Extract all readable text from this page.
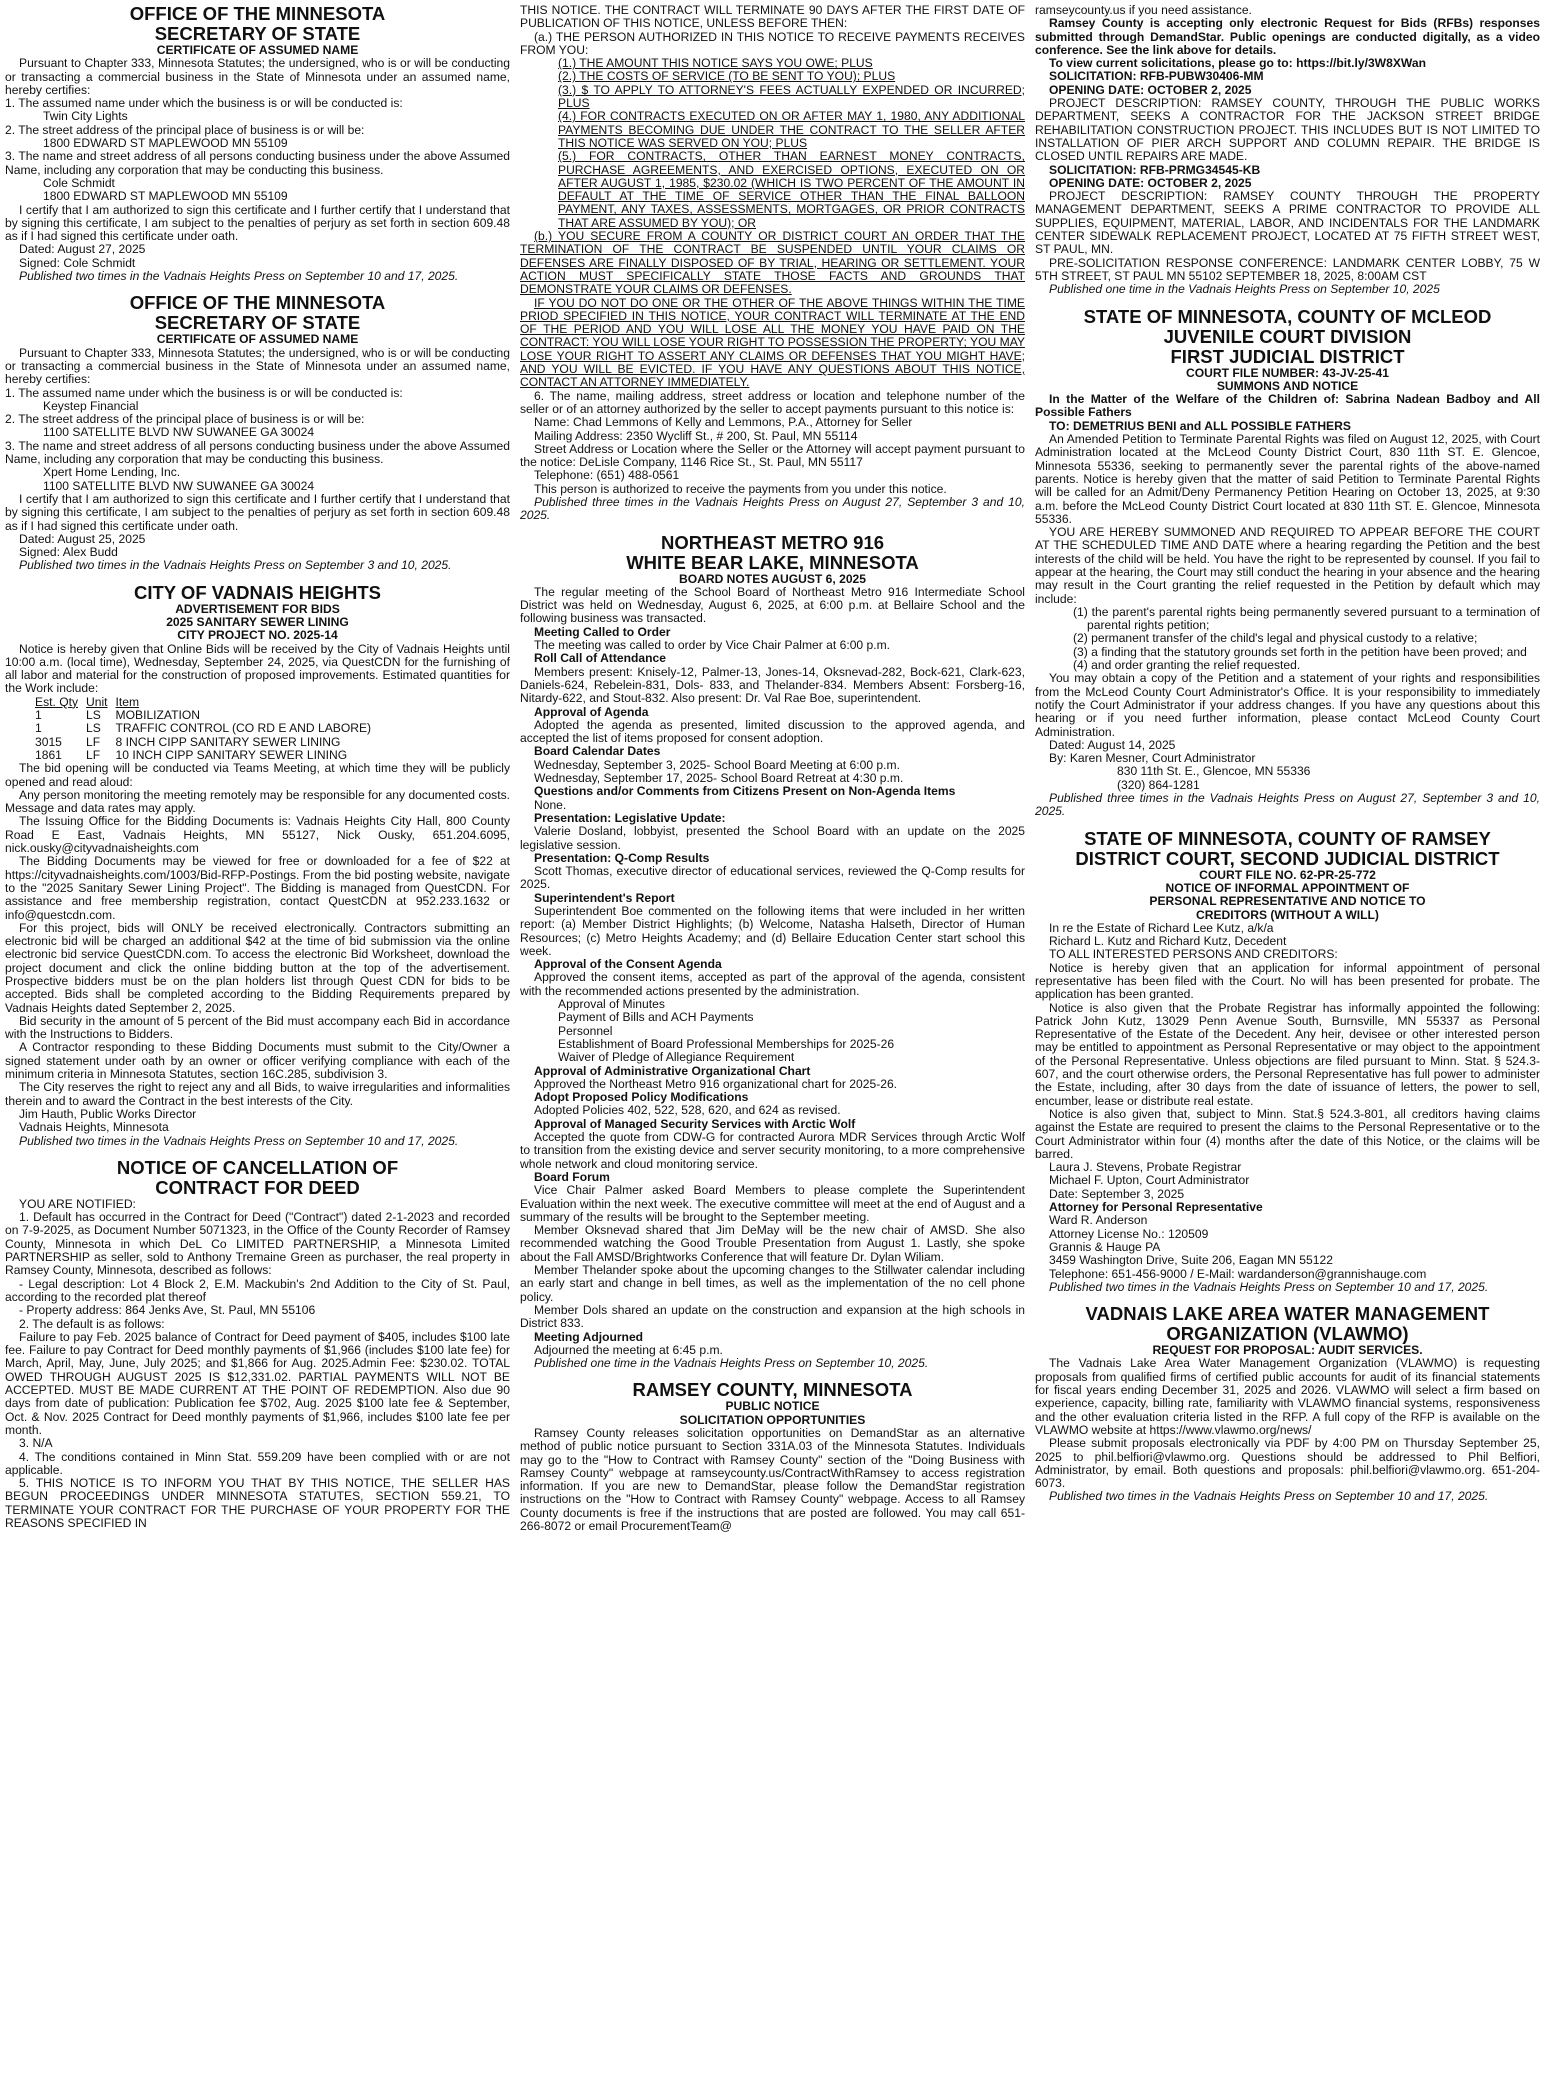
OFFICE OF THE MINNESOTA
SECRETARY OF STATE
CERTIFICATE OF ASSUMED NAME

Pursuant to Chapter 333, Minnesota Statutes; the undersigned, who is or will be conducting or transacting a commercial business in the State of Minnesota under an assumed name, hereby certifies:

1. The assumed name under which the business is or will be conducted is:

Twin City Lights

2. The street address of the principal place of business is or will be:

1800 EDWARD ST MAPLEWOOD MN 55109

3. The name and street address of all persons conducting business under the above Assumed Name, including any corporation that may be conducting this business.

Cole Schmidt

1800 EDWARD ST MAPLEWOOD MN 55109

I certify that I am authorized to sign this certificate and I further certify that I understand that by signing this certificate, I am subject to the penalties of perjury as set forth in section 609.48 as if I had signed this certificate under oath.

Dated: August 27, 2025

Signed: Cole Schmidt

Published two times in the Vadnais Heights Press on September 10 and 17, 2025.

OFFICE OF THE MINNESOTA
SECRETARY OF STATE
CERTIFICATE OF ASSUMED NAME

Pursuant to Chapter 333, Minnesota Statutes; the undersigned, who is or will be conducting or transacting a commercial business in the State of Minnesota under an assumed name, hereby certifies:

1. The assumed name under which the business is or will be conducted is:

Keystep Financial

2. The street address of the principal place of business is or will be:

1100 SATELLITE BLVD NW SUWANEE GA 30024

3. The name and street address of all persons conducting business under the above Assumed Name, including any corporation that may be conducting this business.

Xpert Home Lending, Inc.

1100 SATELLITE BLVD NW SUWANEE GA 30024

I certify that I am authorized to sign this certificate and I further certify that I understand that by signing this certificate, I am subject to the penalties of perjury as set forth in section 609.48 as if I had signed this certificate under oath.

Dated: August 25, 2025

Signed: Alex Budd

Published two times in the Vadnais Heights Press on September 3 and 10, 2025.

CITY OF VADNAIS HEIGHTS
ADVERTISEMENT FOR BIDS
2025 SANITARY SEWER LINING
CITY PROJECT NO. 2025-14

Notice is hereby given that Online Bids will be received by the City of Vadnais Heights until 10:00 a.m. (local time), Wednesday, September 24, 2025, via QuestCDN for the furnishing of all labor and material for the construction of proposed improvements. Estimated quantities for the Work include:

Est. Qty	Unit	Item
1	LS	MOBILIZATION
1	LS	TRAFFIC CONTROL (CO RD E AND LABORE)
3015	LF	8 INCH CIPP SANITARY SEWER LINING
1861	LF	10 INCH CIPP SANITARY SEWER LINING

The bid opening will be conducted via Teams Meeting, at which time they will be publicly opened and read aloud:

Any person monitoring the meeting remotely may be responsible for any documented costs. Message and data rates may apply.

The Issuing Office for the Bidding Documents is: Vadnais Heights City Hall, 800 County Road E East, Vadnais Heights, MN 55127, Nick Ousky, 651.204.6095, nick.ousky@cityvadnaisheights.com

The Bidding Documents may be viewed for free or downloaded for a fee of $22 at https://cityvadnaisheights.com/1003/Bid-RFP-Postings. From the bid posting website, navigate to the "2025 Sanitary Sewer Lining Project". The Bidding is managed from QuestCDN. For assistance and free membership registration, contact QuestCDN at 952.233.1632 or info@questcdn.com.

For this project, bids will ONLY be received electronically. Contractors submitting an electronic bid will be charged an additional $42 at the time of bid submission via the online electronic bid service QuestCDN.com. To access the electronic Bid Worksheet, download the project document and click the online bidding button at the top of the advertisement. Prospective bidders must be on the plan holders list through Quest CDN for bids to be accepted. Bids shall be completed according to the Bidding Requirements prepared by Vadnais Heights dated September 2, 2025.

Bid security in the amount of 5 percent of the Bid must accompany each Bid in accordance with the Instructions to Bidders.

A Contractor responding to these Bidding Documents must submit to the City/Owner a signed statement under oath by an owner or officer verifying compliance with each of the minimum criteria in Minnesota Statutes, section 16C.285, subdivision 3.

The City reserves the right to reject any and all Bids, to waive irregularities and informalities therein and to award the Contract in the best interests of the City.

Jim Hauth, Public Works Director

Vadnais Heights, Minnesota

Published two times in the Vadnais Heights Press on September 10 and 17, 2025.

NOTICE OF CANCELLATION OF
CONTRACT FOR DEED

YOU ARE NOTIFIED:

1. Default has occurred in the Contract for Deed ("Contract") dated 2-1-2023 and recorded on 7-9-2025, as Document Number 5071323, in the Office of the County Recorder of Ramsey County, Minnesota in which DeL Co LIMITED PARTNERSHIP, a Minnesota Limited PARTNERSHIP as seller, sold to Anthony Tremaine Green as purchaser, the real property in Ramsey County, Minnesota, described as follows:

- Legal description: Lot 4 Block 2, E.M. Mackubin's 2nd Addition to the City of St. Paul, according to the recorded plat thereof

- Property address: 864 Jenks Ave, St. Paul, MN 55106

2. The default is as follows:

Failure to pay Feb. 2025 balance of Contract for Deed payment of $405, includes $100 late fee. Failure to pay Contract for Deed monthly payments of $1,966 (includes $100 late fee) for March, April, May, June, July 2025; and $1,866 for Aug. 2025.Admin Fee: $230.02. TOTAL OWED THROUGH AUGUST 2025 IS $12,331.02. PARTIAL PAYMENTS WILL NOT BE ACCEPTED. MUST BE MADE CURRENT AT THE POINT OF REDEMPTION. Also due 90 days from date of publication: Publication fee $702, Aug. 2025 $100 late fee & September, Oct. & Nov. 2025 Contract for Deed monthly payments of $1,966, includes $100 late fee per month.

3. N/A

4. The conditions contained in Minn Stat. 559.209 have been complied with or are not applicable.

5. THIS NOTICE IS TO INFORM YOU THAT BY THIS NOTICE, THE SELLER HAS BEGUN PROCEEDINGS UNDER MINNESOTA STATUTES, SECTION 559.21, TO TERMINATE YOUR CONTRACT FOR THE PURCHASE OF YOUR PROPERTY FOR THE REASONS SPECIFIED IN

THIS NOTICE. THE CONTRACT WILL TERMINATE 90 DAYS AFTER THE FIRST DATE OF PUBLICATION OF THIS NOTICE, UNLESS BEFORE THEN:

(a.) THE PERSON AUTHORIZED IN THIS NOTICE TO RECEIVE PAYMENTS RECEIVES FROM YOU:

(1.) THE AMOUNT THIS NOTICE SAYS YOU OWE; PLUS

(2.) THE COSTS OF SERVICE (TO BE SENT TO YOU); PLUS

(3.) $ TO APPLY TO ATTORNEY'S FEES ACTUALLY EXPENDED OR INCURRED; PLUS

(4.) FOR CONTRACTS EXECUTED ON OR AFTER MAY 1, 1980, ANY ADDITIONAL PAYMENTS BECOMING DUE UNDER THE CONTRACT TO THE SELLER AFTER THIS NOTICE WAS SERVED ON YOU; PLUS

(5.) FOR CONTRACTS, OTHER THAN EARNEST MONEY CONTRACTS, PURCHASE AGREEMENTS, AND EXERCISED OPTIONS, EXECUTED ON OR AFTER AUGUST 1, 1985, $230.02 (WHICH IS TWO PERCENT OF THE AMOUNT IN DEFAULT AT THE TIME OF SERVICE OTHER THAN THE FINAL BALLOON PAYMENT, ANY TAXES, ASSESSMENTS, MORTGAGES, OR PRIOR CONTRACTS THAT ARE ASSUMED BY YOU); OR

(b.) YOU SECURE FROM A COUNTY OR DISTRICT COURT AN ORDER THAT THE TERMINATION OF THE CONTRACT BE SUSPENDED UNTIL YOUR CLAIMS OR DEFENSES ARE FINALLY DISPOSED OF BY TRIAL, HEARING OR SETTLEMENT. YOUR ACTION MUST SPECIFICALLY STATE THOSE FACTS AND GROUNDS THAT DEMONSTRATE YOUR CLAIMS OR DEFENSES.

IF YOU DO NOT DO ONE OR THE OTHER OF THE ABOVE THINGS WITHIN THE TIME PRIOD SPECIFIED IN THIS NOTICE, YOUR CONTRACT WILL TERMINATE AT THE END OF THE PERIOD AND YOU WILL LOSE ALL THE MONEY YOU HAVE PAID ON THE CONTRACT: YOU WILL LOSE YOUR RIGHT TO POSSESSION THE PROPERTY; YOU MAY LOSE YOUR RIGHT TO ASSERT ANY CLAIMS OR DEFENSES THAT YOU MIGHT HAVE; AND YOU WILL BE EVICTED. IF YOU HAVE ANY QUESTIONS ABOUT THIS NOTICE, CONTACT AN ATTORNEY IMMEDIATELY.

6. The name, mailing address, street address or location and telephone number of the seller or of an attorney authorized by the seller to accept payments pursuant to this notice is:

Name: Chad Lemmons of Kelly and Lemmons, P.A., Attorney for Seller

Mailing Address: 2350 Wycliff St., # 200, St. Paul, MN 55114

Street Address or Location where the Seller or the Attorney will accept payment pursuant to the notice: DeLisle Company, 1146 Rice St., St. Paul, MN 55117

Telephone: (651) 488-0561

This person is authorized to receive the payments from you under this notice.

Published three times in the Vadnais Heights Press on August 27, September 3 and 10, 2025.

NORTHEAST METRO 916
WHITE BEAR LAKE, MINNESOTA
BOARD NOTES AUGUST 6, 2025

The regular meeting of the School Board of Northeast Metro 916 Intermediate School District was held on Wednesday, August 6, 2025, at 6:00 p.m. at Bellaire School and the following business was transacted.

Meeting Called to Order

The meeting was called to order by Vice Chair Palmer at 6:00 p.m.

Roll Call of Attendance

Members present: Knisely-12, Palmer-13, Jones-14, Oksnevad-282, Bock-621, Clark-623, Daniels-624, Rebelein-831, Dols- 833, and Thelander-834. Members Absent: Forsberg-16, Nitardy-622, and Stout-832. Also present: Dr. Val Rae Boe, superintendent.

Approval of Agenda

Adopted the agenda as presented, limited discussion to the approved agenda, and accepted the list of items proposed for consent adoption.

Board Calendar Dates

Wednesday, September 3, 2025- School Board Meeting at 6:00 p.m.

Wednesday, September 17, 2025- School Board Retreat at 4:30 p.m.

Questions and/or Comments from Citizens Present on Non-Agenda Items

None.

Presentation: Legislative Update:

Valerie Dosland, lobbyist, presented the School Board with an update on the 2025 legislative session.

Presentation: Q-Comp Results

Scott Thomas, executive director of educational services, reviewed the Q-Comp results for 2025.

Superintendent's Report

Superintendent Boe commented on the following items that were included in her written report: (a) Member District Highlights; (b) Welcome, Natasha Halseth, Director of Human Resources; (c) Metro Heights Academy; and (d) Bellaire Education Center start school this week.

Approval of the Consent Agenda

Approved the consent items, accepted as part of the approval of the agenda, consistent with the recommended actions presented by the administration.

Approval of Minutes

Payment of Bills and ACH Payments

Personnel

Establishment of Board Professional Memberships for 2025-26

Waiver of Pledge of Allegiance Requirement

Approval of Administrative Organizational Chart

Approved the Northeast Metro 916 organizational chart for 2025-26.

Adopt Proposed Policy Modifications

Adopted Policies 402, 522, 528, 620, and 624 as revised.

Approval of Managed Security Services with Arctic Wolf

Accepted the quote from CDW-G for contracted Aurora MDR Services through Arctic Wolf to transition from the existing device and server security monitoring, to a more comprehensive whole network and cloud monitoring service.

Board Forum

Vice Chair Palmer asked Board Members to please complete the Superintendent Evaluation within the next week. The executive committee will meet at the end of August and a summary of the results will be brought to the September meeting.

Member Oksnevad shared that Jim DeMay will be the new chair of AMSD. She also recommended watching the Good Trouble Presentation from August 1. Lastly, she spoke about the Fall AMSD/Brightworks Conference that will feature Dr. Dylan Wiliam.

Member Thelander spoke about the upcoming changes to the Stillwater calendar including an early start and change in bell times, as well as the implementation of the no cell phone policy.

Member Dols shared an update on the construction and expansion at the high schools in District 833.

Meeting Adjourned

Adjourned the meeting at 6:45 p.m.

Published one time in the Vadnais Heights Press on September 10, 2025.

RAMSEY COUNTY, MINNESOTA
PUBLIC NOTICE
SOLICITATION OPPORTUNITIES

Ramsey County releases solicitation opportunities on DemandStar as an alternative method of public notice pursuant to Section 331A.03 of the Minnesota Statutes. Individuals may go to the "How to Contract with Ramsey County" section of the "Doing Business with Ramsey County" webpage at ramseycounty.us/ContractWithRamsey to access registration information. If you are new to DemandStar, please follow the DemandStar registration instructions on the "How to Contract with Ramsey County" webpage. Access to all Ramsey County documents is free if the instructions that are posted are followed. You may call 651-266-8072 or email ProcurementTeam@

ramseycounty.us if you need assistance.

Ramsey County is accepting only electronic Request for Bids (RFBs) responses submitted through DemandStar. Public openings are conducted digitally, as a video conference. See the link above for details.

To view current solicitations, please go to: https://bit.ly/3W8XWan

SOLICITATION: RFB-PUBW30406-MM

OPENING DATE: OCTOBER 2, 2025

PROJECT DESCRIPTION: RAMSEY COUNTY, THROUGH THE PUBLIC WORKS DEPARTMENT, SEEKS A CONTRACTOR FOR THE JACKSON STREET BRIDGE REHABILITATION CONSTRUCTION PROJECT. THIS INCLUDES BUT IS NOT LIMITED TO INSTALLATION OF PIER ARCH SUPPORT AND COLUMN REPAIR. THE BRIDGE IS CLOSED UNTIL REPAIRS ARE MADE.

SOLICITATION: RFB-PRMG34545-KB

OPENING DATE: OCTOBER 2, 2025

PROJECT DESCRIPTION: RAMSEY COUNTY THROUGH THE PROPERTY MANAGEMENT DEPARTMENT, SEEKS A PRIME CONTRACTOR TO PROVIDE ALL SUPPLIES, EQUIPMENT, MATERIAL, LABOR, AND INCIDENTALS FOR THE LANDMARK CENTER SIDEWALK REPLACEMENT PROJECT, LOCATED AT 75 FIFTH STREET WEST, ST PAUL, MN.

PRE-SOLICITATION RESPONSE CONFERENCE: LANDMARK CENTER LOBBY, 75 W 5TH STREET, ST PAUL MN 55102 SEPTEMBER 18, 2025, 8:00AM CST

Published one time in the Vadnais Heights Press on September 10, 2025

STATE OF MINNESOTA, COUNTY OF MCLEOD
JUVENILE COURT DIVISION
FIRST JUDICIAL DISTRICT
COURT FILE NUMBER: 43-JV-25-41
SUMMONS AND NOTICE

In the Matter of the Welfare of the Children of: Sabrina Nadean Badboy and All Possible Fathers

TO: DEMETRIUS BENI and ALL POSSIBLE FATHERS

An Amended Petition to Terminate Parental Rights was filed on August 12, 2025, with Court Administration located at the McLeod County District Court, 830 11th ST. E. Glencoe, Minnesota 55336, seeking to permanently sever the parental rights of the above-named parents. Notice is hereby given that the matter of said Petition to Terminate Parental Rights will be called for an Admit/Deny Permanency Petition Hearing on October 13, 2025, at 9:30 a.m. before the McLeod County District Court located at 830 11th ST. E. Glencoe, Minnesota 55336.

YOU ARE HEREBY SUMMONED AND REQUIRED TO APPEAR BEFORE THE COURT AT THE SCHEDULED TIME AND DATE where a hearing regarding the Petition and the best interests of the child will be held. You have the right to be represented by counsel. If you fail to appear at the hearing, the Court may still conduct the hearing in your absence and the hearing may result in the Court granting the relief requested in the Petition by default which may include:

(1) the parent's parental rights being permanently severed pursuant to a termination of parental rights petition;

(2) permanent transfer of the child's legal and physical custody to a relative;

(3) a finding that the statutory grounds set forth in the petition have been proved; and

(4) and order granting the relief requested.

You may obtain a copy of the Petition and a statement of your rights and responsibilities from the McLeod County Court Administrator's Office. It is your responsibility to immediately notify the Court Administrator if your address changes. If you have any questions about this hearing or if you need further information, please contact McLeod County Court Administration.

Dated: August 14, 2025

By: Karen Mesner, Court Administrator

830 11th St. E., Glencoe, MN 55336

(320) 864-1281

Published three times in the Vadnais Heights Press on August 27, September 3 and 10, 2025.

STATE OF MINNESOTA, COUNTY OF RAMSEY
DISTRICT COURT, SECOND JUDICIAL DISTRICT
COURT FILE NO. 62-PR-25-772
NOTICE OF INFORMAL APPOINTMENT OF
PERSONAL REPRESENTATIVE AND NOTICE TO
CREDITORS (WITHOUT A WILL)

In re the Estate of Richard Lee Kutz, a/k/a

Richard L. Kutz and Richard Kutz, Decedent

TO ALL INTERESTED PERSONS AND CREDITORS:

Notice is hereby given that an application for informal appointment of personal representative has been filed with the Court. No will has been presented for probate. The application has been granted.

Notice is also given that the Probate Registrar has informally appointed the following: Patrick John Kutz, 13029 Penn Avenue South, Burnsville, MN 55337 as Personal Representative of the Estate of the Decedent. Any heir, devisee or other interested person may be entitled to appointment as Personal Representative or may object to the appointment of the Personal Representative. Unless objections are filed pursuant to Minn. Stat. § 524.3-607, and the court otherwise orders, the Personal Representative has full power to administer the Estate, including, after 30 days from the date of issuance of letters, the power to sell, encumber, lease or distribute real estate.

Notice is also given that, subject to Minn. Stat.§ 524.3-801, all creditors having claims against the Estate are required to present the claims to the Personal Representative or to the Court Administrator within four (4) months after the date of this Notice, or the claims will be barred.

Laura J. Stevens, Probate Registrar

Michael F. Upton, Court Administrator

Date: September 3, 2025

Attorney for Personal Representative

Ward R. Anderson

Attorney License No.: 120509

Grannis & Hauge PA

3459 Washington Drive, Suite 206, Eagan MN 55122

Telephone: 651-456-9000 / E-Mail: wardanderson@grannishauge.com

Published two times in the Vadnais Heights Press on September 10 and 17, 2025.

VADNAIS LAKE AREA WATER MANAGEMENT
ORGANIZATION (VLAWMO)
REQUEST FOR PROPOSAL: AUDIT SERVICES.

The Vadnais Lake Area Water Management Organization (VLAWMO) is requesting proposals from qualified firms of certified public accounts for audit of its financial statements for fiscal years ending December 31, 2025 and 2026. VLAWMO will select a firm based on experience, capacity, billing rate, familiarity with VLAWMO financial systems, responsiveness and the other evaluation criteria listed in the RFP. A full copy of the RFP is available on the VLAWMO website at https://www.vlawmo.org/news/

Please submit proposals electronically via PDF by 4:00 PM on Thursday September 25, 2025 to phil.belfiori@vlawmo.org. Questions should be addressed to Phil Belfiori, Administrator, by email. Both questions and proposals: phil.belfiori@vlawmo.org. 651-204-6073.

Published two times in the Vadnais Heights Press on September 10 and 17, 2025.
